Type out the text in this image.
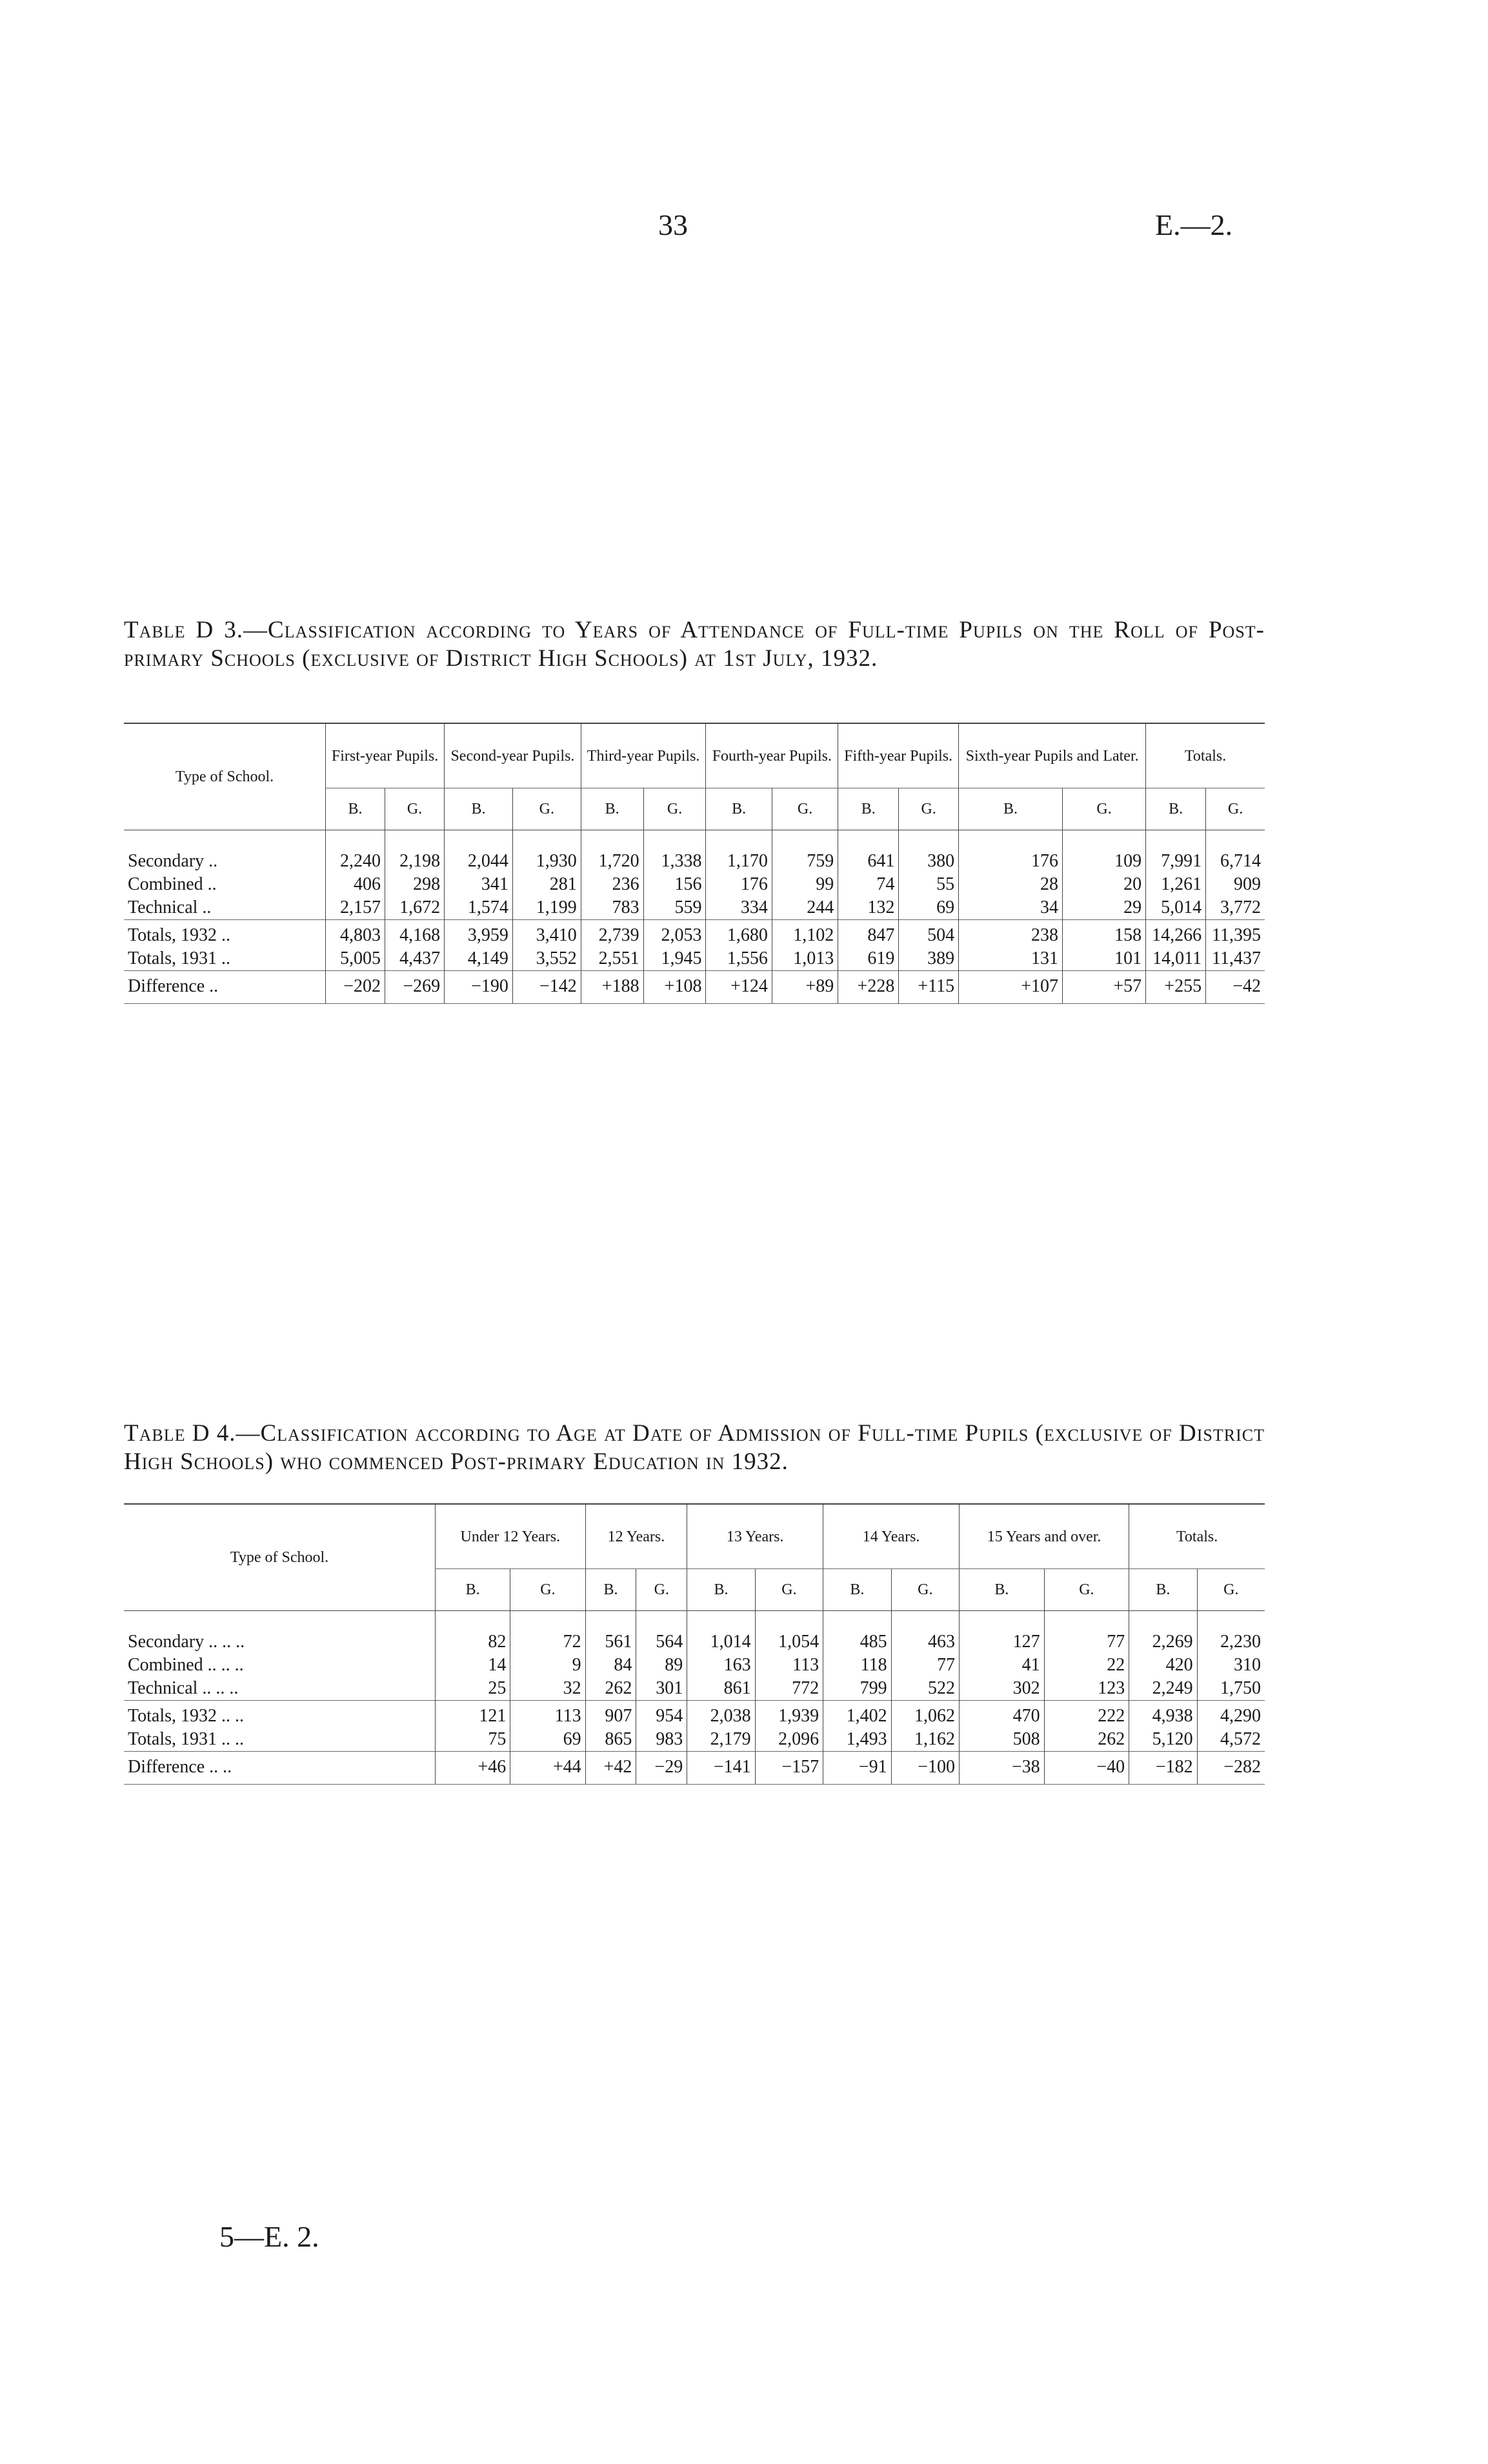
33	E.—2.
Table D 3.—Classification according to Years of Attendance of Full-time Pupils on the Roll of Post-primary Schools (exclusive of District High Schools) at 1st July, 1932.
Type of School.	First-year Pupils.		Second-year Pupils.		Third-year Pupils.		Fourth-year Pupils.		Fifth-year Pupils.		Sixth-year Pupils and Later.		Totals.	
	B.	G.	B.	G.	B.	G.	B.	G.	B.	G.	B.	G.	B.	G.
Secondary ..	2,240	2,198	2,044	1,930	1,720	1,338	1,170	759	641	380	176	109	7,991	6,714
Combined ..	406	298	341	281	236	156	176	99	74	55	28	20	1,261	909
Technical ..	2,157	1,672	1,574	1,199	783	559	334	244	132	69	34	29	5,014	3,772
Totals, 1932 ..	4,803	4,168	3,959	3,410	2,739	2,053	1,680	1,102	847	504	238	158	14,266	11,395
Totals, 1931 ..	5,005	4,437	4,149	3,552	2,551	1,945	1,556	1,013	619	389	131	101	14,011	11,437
Difference ..	−202	−269	−190	−142	+188	+108	+124	+89	+228	+115	+107	+57	+255	−42
Table D 4.—Classification according to Age at Date of Admission of Full-time Pupils (exclusive of District High Schools) who commenced Post-primary Education in 1932.
Type of School.	Under 12 Years.		12 Years.		13 Years.		14 Years.		15 Years and over.		Totals.	
	B.	G.	B.	G.	B.	G.	B.	G.	B.	G.	B.	G.
Secondary .. .. ..	82	72	561	564	1,014	1,054	485	463	127	77	2,269	2,230
Combined .. .. ..	14	9	84	89	163	113	118	77	41	22	420	310
Technical .. .. ..	25	32	262	301	861	772	799	522	302	123	2,249	1,750
Totals, 1932 .. ..	121	113	907	954	2,038	1,939	1,402	1,062	470	222	4,938	4,290
Totals, 1931 .. ..	75	69	865	983	2,179	2,096	1,493	1,162	508	262	5,120	4,572
Difference .. ..	+46	+44	+42	−29	−141	−157	−91	−100	−38	−40	−182	−282
5—E. 2.
